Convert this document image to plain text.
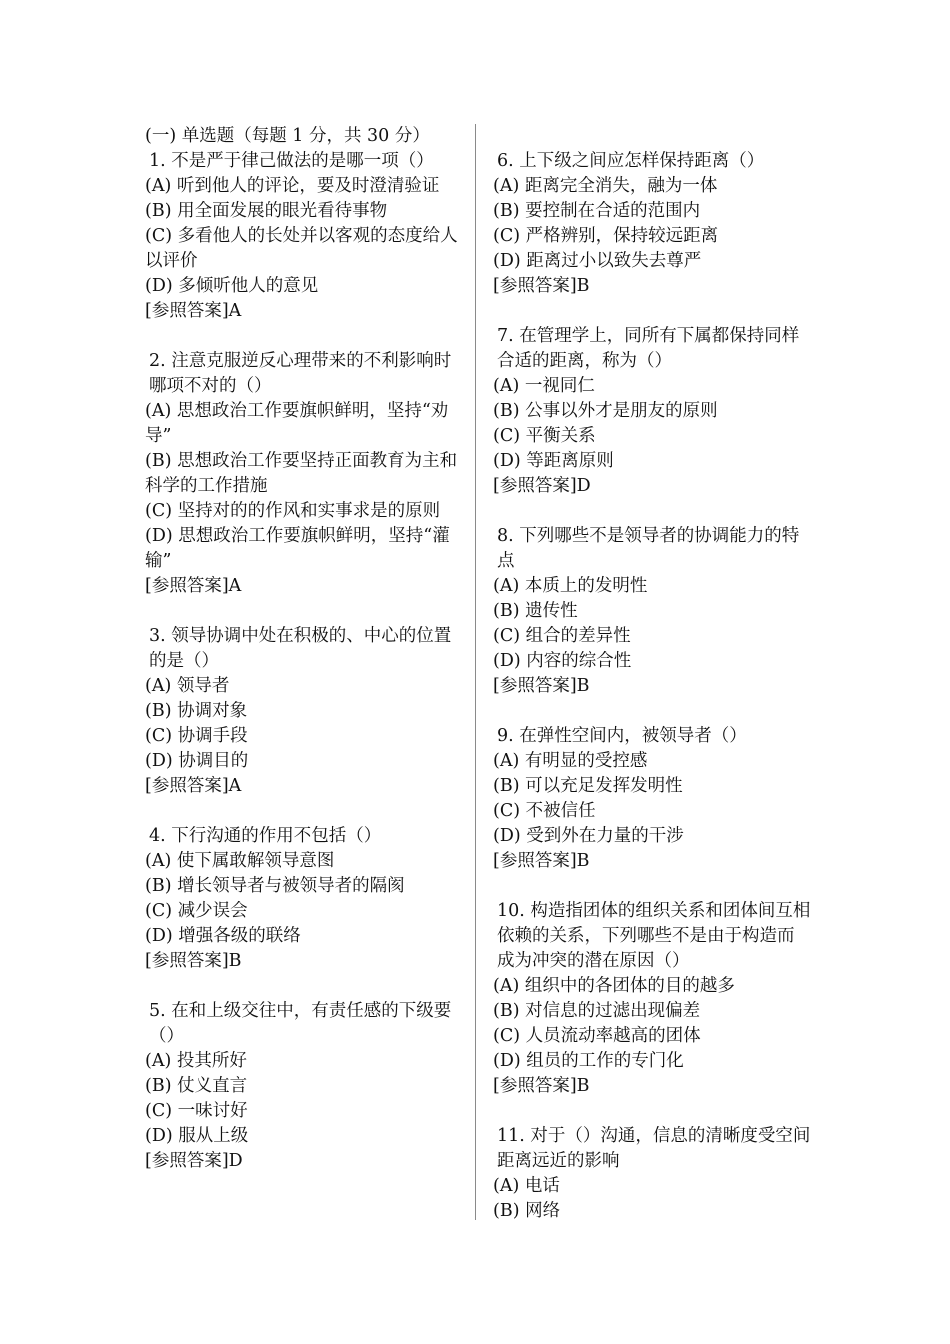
(一) 单选题（每题 1 分，共 30 分）
1. 不是严于律己做法的是哪一项（）
(A) 听到他人的评论，要及时澄清验证
(B) 用全面发展的眼光看待事物
(C) 多看他人的长处并以客观的态度给人以评价
(D) 多倾听他人的意见
[参照答案]A
2. 注意克服逆反心理带来的不利影响时哪项不对的（）
(A) 思想政治工作要旗帜鲜明，坚持“劝导”
(B) 思想政治工作要坚持正面教育为主和科学的工作措施
(C) 坚持对的的作风和实事求是的原则
(D) 思想政治工作要旗帜鲜明，坚持“灌输”
[参照答案]A
3. 领导协调中处在积极的、中心的位置的是（）
(A) 领导者
(B) 协调对象
(C) 协调手段
(D) 协调目的
[参照答案]A
4. 下行沟通的作用不包括（）
(A) 使下属敢解领导意图
(B) 增长领导者与被领导者的隔阂
(C) 减少误会
(D) 增强各级的联络
[参照答案]B
5. 在和上级交往中，有责任感的下级要（）
(A) 投其所好
(B) 仗义直言
(C) 一味讨好
(D) 服从上级
[参照答案]D
6. 上下级之间应怎样保持距离（）
(A) 距离完全消失，融为一体
(B) 要控制在合适的范围内
(C) 严格辨别，保持较远距离
(D) 距离过小以致失去尊严
[参照答案]B
7. 在管理学上，同所有下属都保持同样合适的距离，称为（）
(A) 一视同仁
(B) 公事以外才是朋友的原则
(C) 平衡关系
(D) 等距离原则
[参照答案]D
8. 下列哪些不是领导者的协调能力的特点
(A) 本质上的发明性
(B) 遗传性
(C) 组合的差异性
(D) 内容的综合性
[参照答案]B
9. 在弹性空间内，被领导者（）
(A) 有明显的受控感
(B) 可以充足发挥发明性
(C) 不被信任
(D) 受到外在力量的干涉
[参照答案]B
10. 构造指团体的组织关系和团体间互相依赖的关系，下列哪些不是由于构造而成为冲突的潜在原因（）
(A) 组织中的各团体的目的越多
(B) 对信息的过滤出现偏差
(C) 人员流动率越高的团体
(D) 组员的工作的专门化
[参照答案]B
11. 对于（）沟通，信息的清晰度受空间距离远近的影响
(A) 电话
(B) 网络
